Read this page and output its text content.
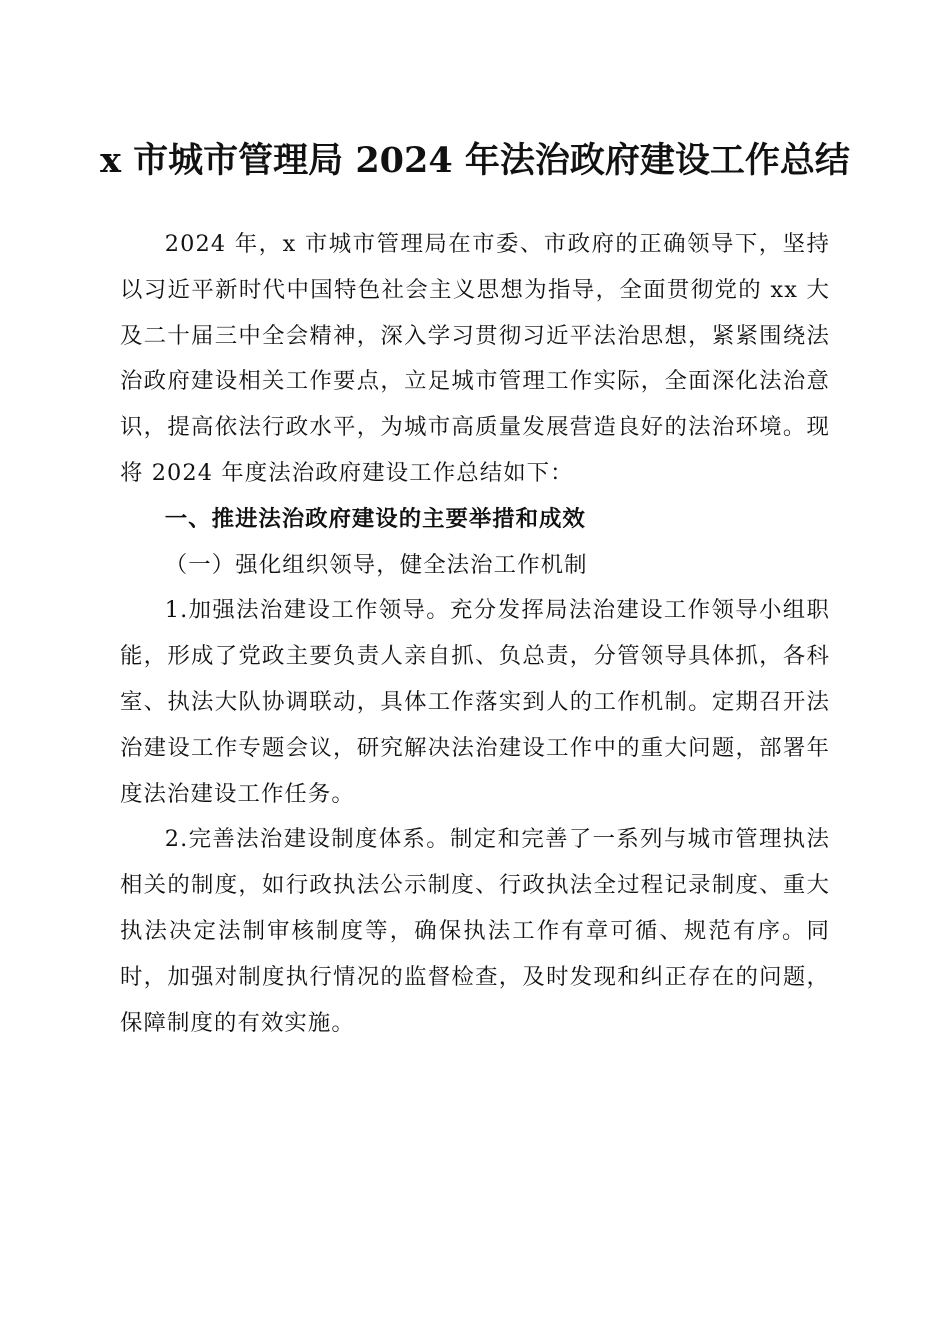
x 市城市管理局 2024 年法治政府建设工作总结

2024 年，x 市城市管理局在市委、市政府的正确领导下，坚持以习近平新时代中国特色社会主义思想为指导，全面贯彻党的 xx 大及二十届三中全会精神，深入学习贯彻习近平法治思想，紧紧围绕法治政府建设相关工作要点，立足城市管理工作实际，全面深化法治意识，提高依法行政水平，为城市高质量发展营造良好的法治环境。现将 2024 年度法治政府建设工作总结如下：

一、推进法治政府建设的主要举措和成效

（一）强化组织领导，健全法治工作机制

1.加强法治建设工作领导。充分发挥局法治建设工作领导小组职能，形成了党政主要负责人亲自抓、负总责，分管领导具体抓，各科室、执法大队协调联动，具体工作落实到人的工作机制。定期召开法治建设工作专题会议，研究解决法治建设工作中的重大问题，部署年度法治建设工作任务。

2.完善法治建设制度体系。制定和完善了一系列与城市管理执法相关的制度，如行政执法公示制度、行政执法全过程记录制度、重大执法决定法制审核制度等，确保执法工作有章可循、规范有序。同时，加强对制度执行情况的监督检查，及时发现和纠正存在的问题，保障制度的有效实施。
